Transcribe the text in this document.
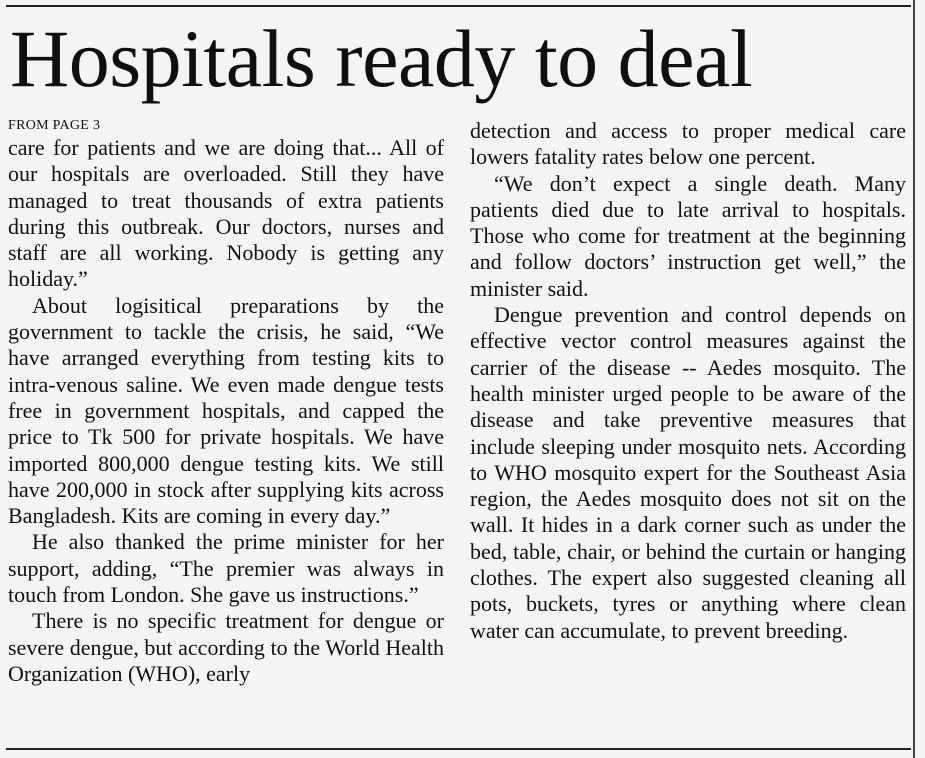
Hospitals ready to deal
FROM PAGE 3

care for patients and we are doing that... All of our hospitals are overloaded. Still they have managed to treat thousands of extra patients during this outbreak. Our doctors, nurses and staff are all working. Nobody is getting any holiday.”

About logisitical preparations by the government to tackle the crisis, he said, “We have arranged everything from testing kits to intra-venous saline. We even made dengue tests free in government hospitals, and capped the price to Tk 500 for private hospitals. We have imported 800,000 dengue testing kits. We still have 200,000 in stock after supplying kits across Bangladesh. Kits are coming in every day.”

He also thanked the prime minister for her support, adding, “The premier was always in touch from London. She gave us instructions.”

There is no specific treatment for dengue or severe dengue, but according to the World Health Organization (WHO), early

detection and access to proper medical care lowers fatality rates below one percent.

“We don’t expect a single death. Many patients died due to late arrival to hospitals. Those who come for treatment at the beginning and follow doctors’ instruction get well,” the minister said.

Dengue prevention and control depends on effective vector control measures against the carrier of the disease -- Aedes mosquito. The health minister urged people to be aware of the disease and take preventive measures that include sleeping under mosquito nets. According to WHO mosquito expert for the Southeast Asia region, the Aedes mosquito does not sit on the wall. It hides in a dark corner such as under the bed, table, chair, or behind the curtain or hanging clothes. The expert also suggested cleaning all pots, buckets, tyres or anything where clean water can accumulate, to prevent breeding.
